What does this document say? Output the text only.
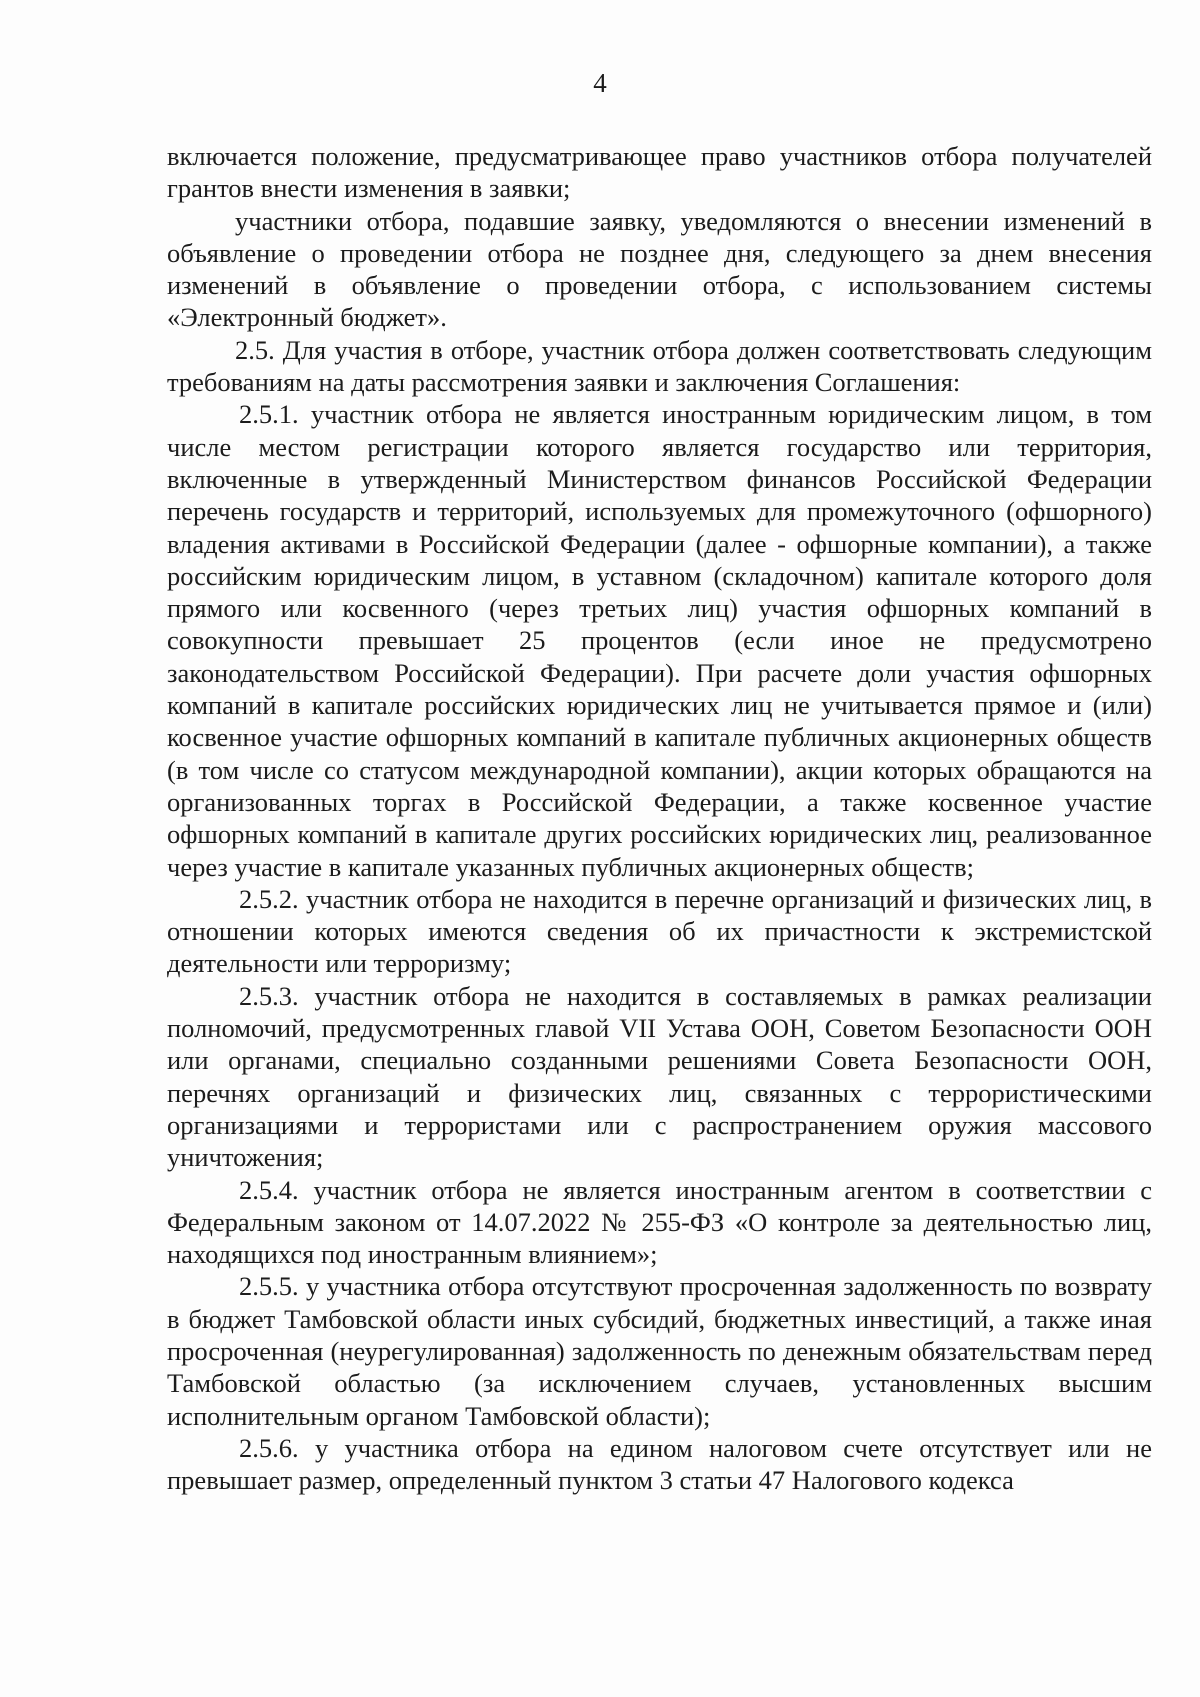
4

включается положение, предусматривающее право участников отбора получателей грантов внести изменения в заявки;

участники отбора, подавшие заявку, уведомляются о внесении изменений в объявление о проведении отбора не позднее дня, следующего за днем внесения изменений в объявление о проведении отбора, с использованием системы «Электронный бюджет».

2.5. Для участия в отборе, участник отбора должен соответствовать следующим требованиям на даты рассмотрения заявки и заключения Соглашения:

2.5.1. участник отбора не является иностранным юридическим лицом, в том числе местом регистрации которого является государство или территория, включенные в утвержденный Министерством финансов Российской Федерации перечень государств и территорий, используемых для промежуточного (офшорного) владения активами в Российской Федерации (далее - офшорные компании), а также российским юридическим лицом, в уставном (складочном) капитале которого доля прямого или косвенного (через третьих лиц) участия офшорных компаний в совокупности превышает 25 процентов (если иное не предусмотрено законодательством Российской Федерации). При расчете доли участия офшорных компаний в капитале российских юридических лиц не учитывается прямое и (или) косвенное участие офшорных компаний в капитале публичных акционерных обществ (в том числе со статусом международной компании), акции которых обращаются на организованных торгах в Российской Федерации, а также косвенное участие офшорных компаний в капитале других российских юридических лиц, реализованное через участие в капитале указанных публичных акционерных обществ;

2.5.2. участник отбора не находится в перечне организаций и физических лиц, в отношении которых имеются сведения об их причастности к экстремистской деятельности или терроризму;

2.5.3. участник отбора не находится в составляемых в рамках реализации полномочий, предусмотренных главой VII Устава ООН, Советом Безопасности ООН или органами, специально созданными решениями Совета Безопасности ООН, перечнях организаций и физических лиц, связанных с террористическими организациями и террористами или с распространением оружия массового уничтожения;

2.5.4. участник отбора не является иностранным агентом в соответствии с Федеральным законом от 14.07.2022 № 255-ФЗ «О контроле за деятельностью лиц, находящихся под иностранным влиянием»;

2.5.5. у участника отбора отсутствуют просроченная задолженность по возврату в бюджет Тамбовской области иных субсидий, бюджетных инвестиций, а также иная просроченная (неурегулированная) задолженность по денежным обязательствам перед Тамбовской областью (за исключением случаев, установленных высшим исполнительным органом Тамбовской области);

2.5.6. у участника отбора на едином налоговом счете отсутствует или не превышает размер, определенный пунктом 3 статьи 47 Налогового кодекса
